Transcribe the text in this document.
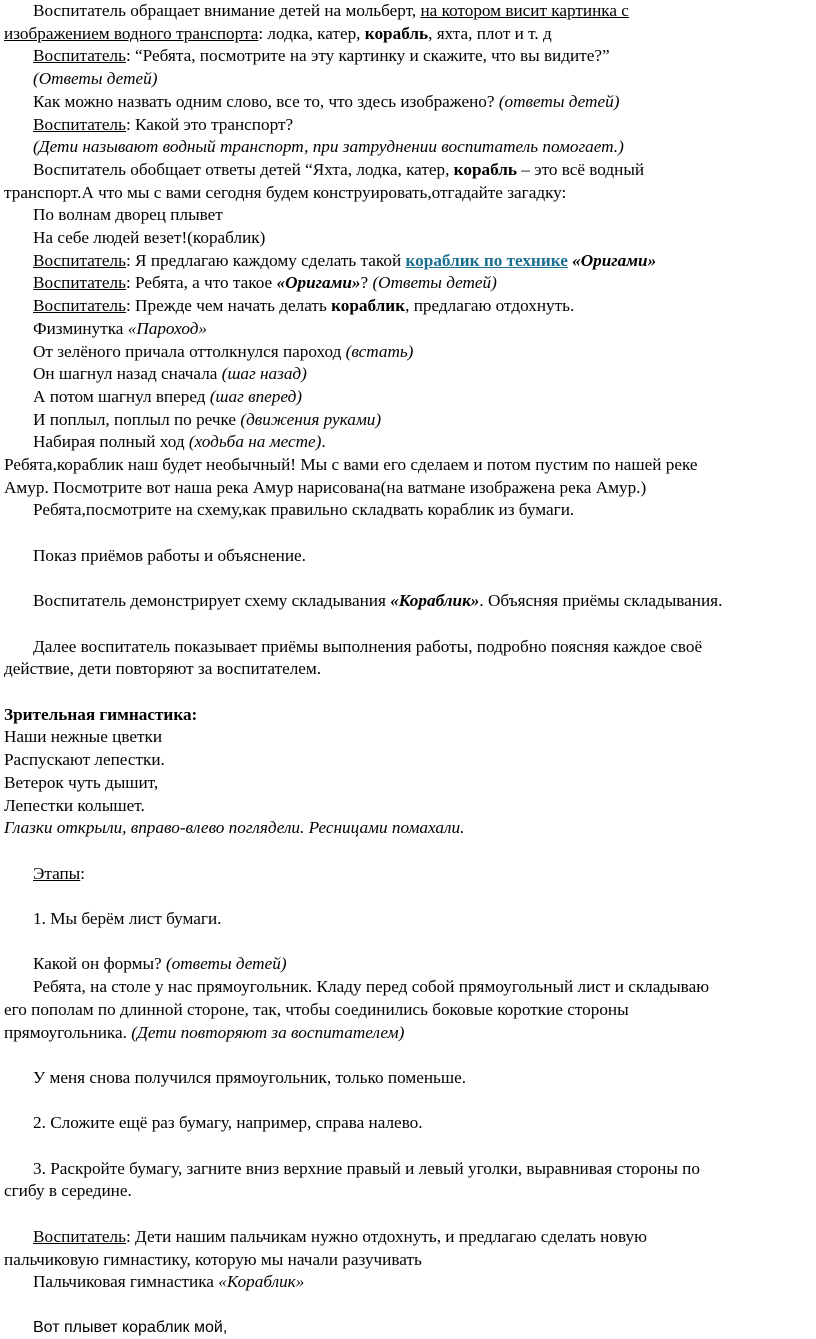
Воспитатель обращает внимание детей на мольберт, на котором висит картинка с

изображением водного транспорта: лодка, катер, корабль, яхта, плот и т. д

Воспитатель: “Ребята, посмотрите на эту картинку и скажите, что вы видите?”

(Ответы детей)

Как можно назвать одним слово, все то, что здесь изображено? (ответы детей)

Воспитатель: Какой это транспорт?

(Дети называют водный транспорт, при затруднении воспитатель помогает.)

Воспитатель обобщает ответы детей “Яхта, лодка, катер, корабль – это всё водный

транспорт.А что мы с вами сегодня будем конструировать,отгадайте загадку:

По волнам дворец плывет

На себе людей везет!(кораблик)

Воспитатель: Я предлагаю каждому сделать такой кораблик по технике «Оригами»

Воспитатель: Ребята, а что такое «Оригами»? (Ответы детей)

Воспитатель: Прежде чем начать делать кораблик, предлагаю отдохнуть.

Физминутка «Пароход»

От зелёного причала оттолкнулся пароход (встать)

Он шагнул назад сначала (шаг назад)

А потом шагнул вперед (шаг вперед)

И поплыл, поплыл по речке (движения руками)

Набирая полный ход (ходьба на месте).

Ребята,кораблик наш будет необычный! Мы с вами его сделаем и потом пустим по нашей реке

Амур. Посмотрите вот наша река Амур нарисована(на ватмане изображена река Амур.)

Ребята,посмотрите на схему,как правильно складвать кораблик из бумаги.

Показ приёмов работы и объяснение.

Воспитатель демонстрирует схему складывания «Кораблик». Объясняя приёмы складывания.

Далее воспитатель показывает приёмы выполнения работы, подробно поясняя каждое своё

действие, дети повторяют за воспитателем.

Зрительная гимнастика:

Наши нежные цветки

Распускают лепестки.

Ветерок чуть дышит,

Лепестки колышет.

Глазки открыли, вправо-влево поглядели. Ресницами помахали.

Этапы:

1. Мы берём лист бумаги.

Какой он формы? (ответы детей)

Ребята, на столе у нас прямоугольник. Кладу перед собой прямоугольный лист и складываю

его пополам по длинной стороне, так, чтобы соединились боковые короткие стороны

прямоугольника. (Дети повторяют за воспитателем)

У меня снова получился прямоугольник, только поменьше.

2. Сложите ещё раз бумагу, например, справа налево.

3. Раскройте бумагу, загните вниз верхние правый и левый уголки, выравнивая стороны по

сгибу в середине.

Воспитатель: Дети нашим пальчикам нужно отдохнуть, и предлагаю сделать новую

пальчиковую гимнастику, которую мы начали разучивать

Пальчиковая гимнастика «Кораблик»

Вот плывет кораблик мой,
